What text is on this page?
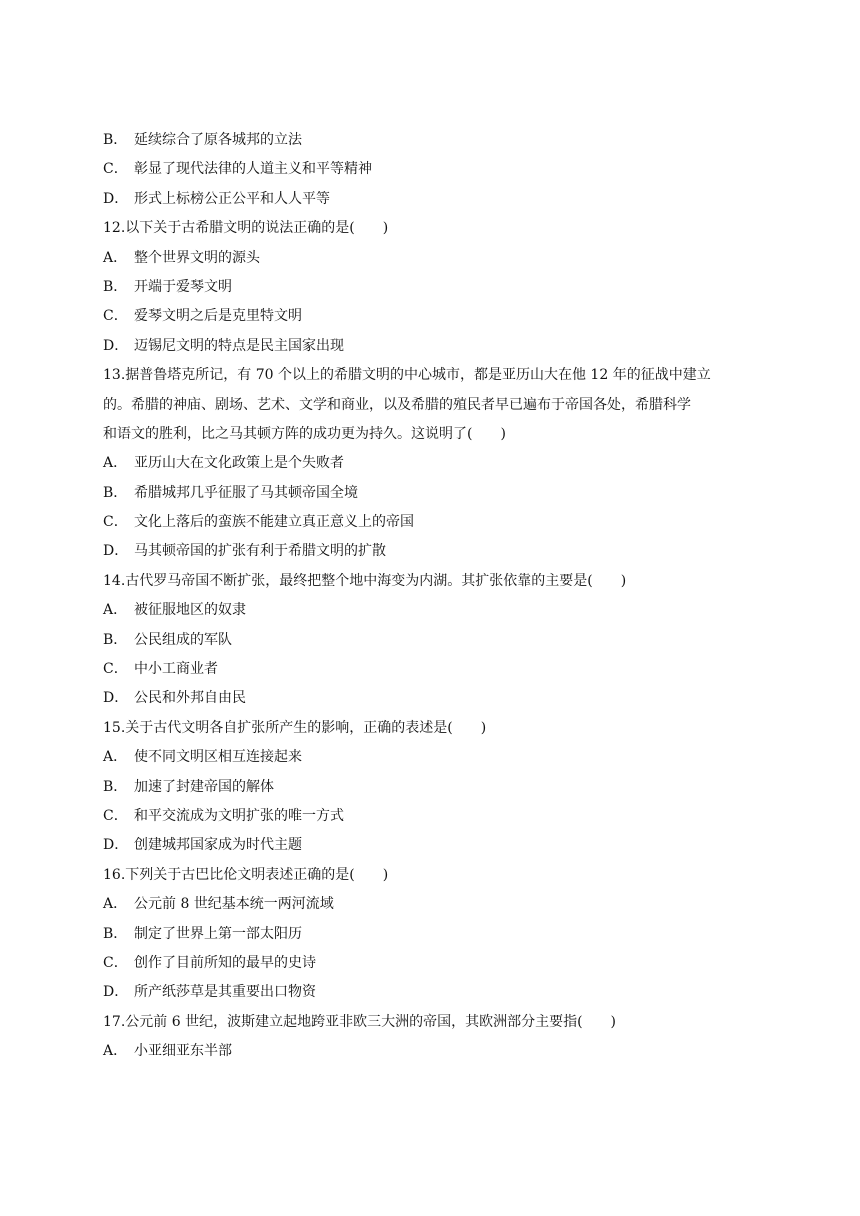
B． 延续综合了原各城邦的立法
C． 彰显了现代法律的人道主义和平等精神
D． 形式上标榜公正公平和人人平等
12.以下关于古希腊文明的说法正确的是(　　)
A． 整个世界文明的源头
B． 开端于爱琴文明
C． 爱琴文明之后是克里特文明
D． 迈锡尼文明的特点是民主国家出现
13.据普鲁塔克所记，有 70 个以上的希腊文明的中心城市，都是亚历山大在他 12 年的征战中建立
的。希腊的神庙、剧场、艺术、文学和商业，以及希腊的殖民者早已遍布于帝国各处，希腊科学
和语文的胜利，比之马其顿方阵的成功更为持久。这说明了(　　)
A． 亚历山大在文化政策上是个失败者
B． 希腊城邦几乎征服了马其顿帝国全境
C． 文化上落后的蛮族不能建立真正意义上的帝国
D． 马其顿帝国的扩张有利于希腊文明的扩散
14.古代罗马帝国不断扩张，最终把整个地中海变为内湖。其扩张依靠的主要是(　　)
A． 被征服地区的奴隶
B． 公民组成的军队
C． 中小工商业者
D． 公民和外邦自由民
15.关于古代文明各自扩张所产生的影响，正确的表述是(　　)
A． 使不同文明区相互连接起来
B． 加速了封建帝国的解体
C． 和平交流成为文明扩张的唯一方式
D． 创建城邦国家成为时代主题
16.下列关于古巴比伦文明表述正确的是(　　)
A． 公元前 8 世纪基本统一两河流域
B． 制定了世界上第一部太阳历
C． 创作了目前所知的最早的史诗
D． 所产纸莎草是其重要出口物资
17.公元前 6 世纪，波斯建立起地跨亚非欧三大洲的帝国，其欧洲部分主要指(　　)
A． 小亚细亚东半部
